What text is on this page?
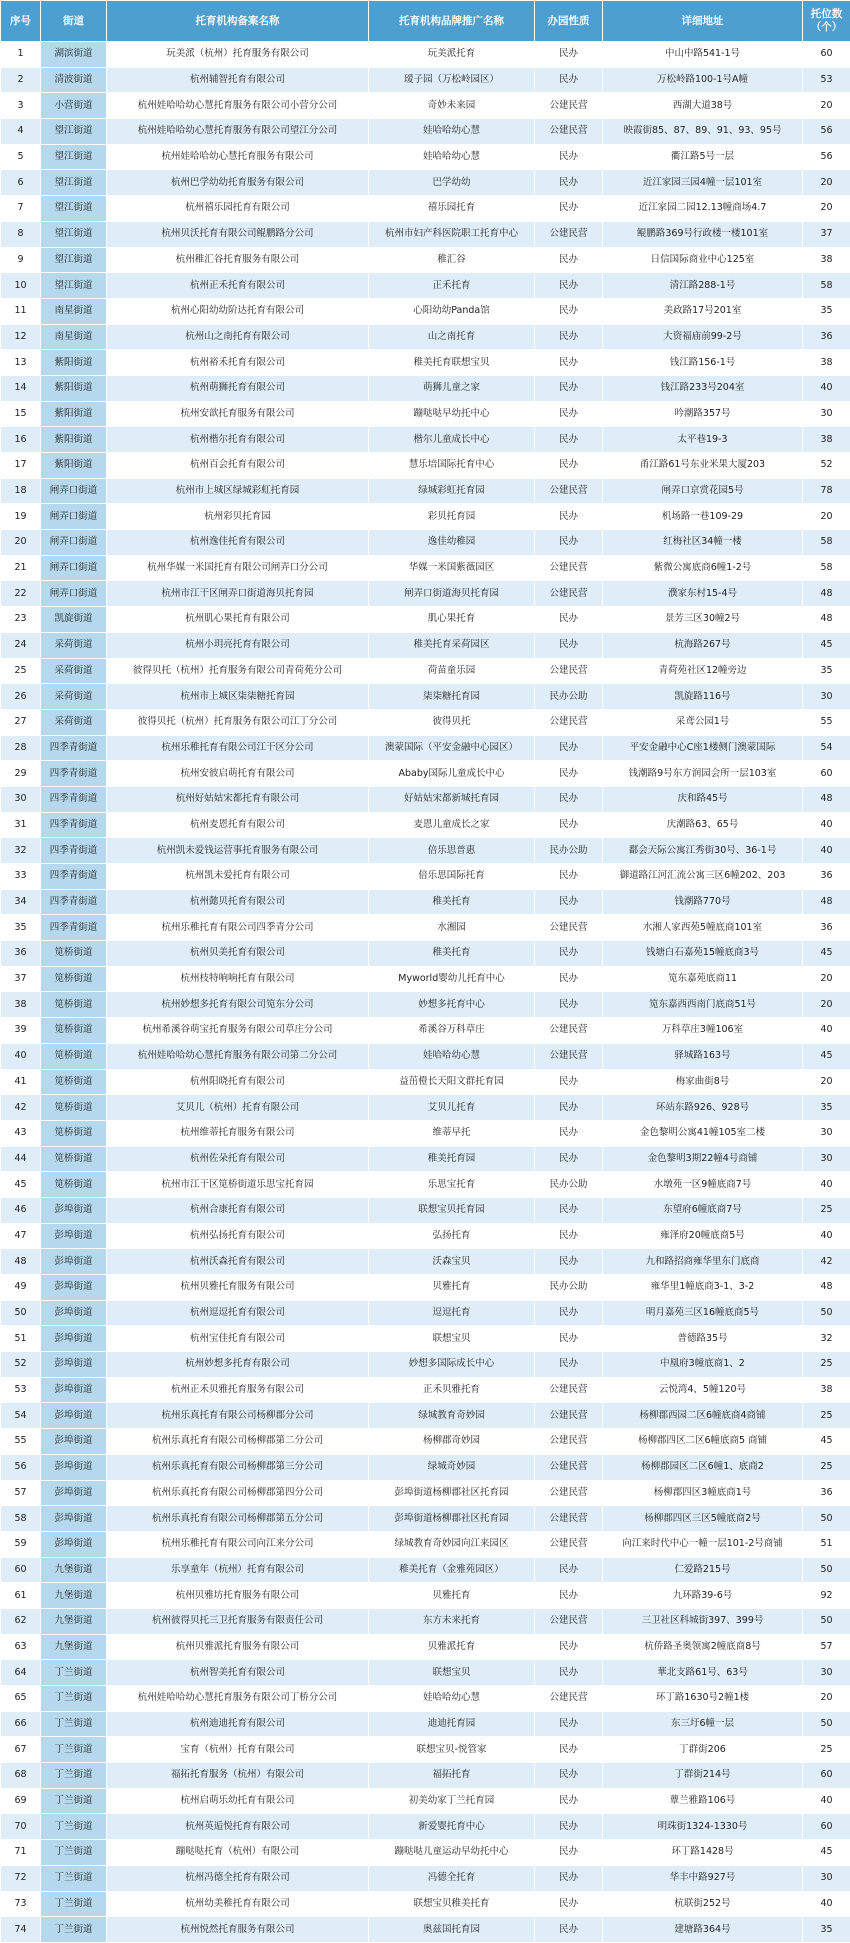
序号	街道	托育机构备案名称	托育机构品牌推广名称	办园性质	详细地址	托位数（个）
1	湖滨街道	玩美派（杭州）托育服务有限公司	玩美派托育	民办	中山中路541-1号	60
2	清波街道	杭州辅智托育有限公司	瑷子园（万松岭园区）	民办	万松岭路100-1号A幢	53
3	小营街道	杭州娃哈哈幼心慧托育服务有限公司小营分公司	奇妙未来园	公建民营	西湖大道38号	20
4	望江街道	杭州娃哈哈幼心慧托育服务有限公司望江分公司	娃哈哈幼心慧	公建民营	映霞街85、87、89、91、93、95号	56
5	望江街道	杭州娃哈哈幼心慧托育服务有限公司	娃哈哈幼心慧	民办	衢江路5号一层	56
6	望江街道	杭州巴学幼幼托育服务有限公司	巴学幼幼	民办	近江家园三园4幢一层101室	20
7	望江街道	杭州禧乐园托育有限公司	禧乐园托育	民办	近江家园二园12.13幢商场4.7	20
8	望江街道	杭州贝沃托育有限公司鲲鹏路分公司	杭州市妇产科医院职工托育中心	公建民营	鲲鹏路369号行政楼一楼101室	37
9	望江街道	杭州稚汇谷托育服务有限公司	稚汇谷	民办	日信国际商业中心125室	38
10	望江街道	杭州正禾托育有限公司	正禾托育	民办	清江路288-1号	58
11	南星街道	杭州心阳幼幼阶达托育有限公司	心阳幼幼Panda馆	民办	美政路17号201室	35
12	南星街道	杭州山之南托育有限公司	山之南托育	民办	大资福庙前99-2号	36
13	紫阳街道	杭州裕禾托育有限公司	稚美托育联想宝贝	民办	钱江路156-1号	38
14	紫阳街道	杭州萌狮托育有限公司	萌狮儿童之家	民办	钱江路233号204室	40
15	紫阳街道	杭州安歆托育服务有限公司	蹦哒哒早幼托中心	民办	吟潮路357号	30
16	紫阳街道	杭州楷尔托育有限公司	楷尔儿童成长中心	民办	太平巷19-3	38
17	紫阳街道	杭州百会托育有限公司	慧乐培国际托育中心	民办	甬江路61号东业米果大厦203	52
18	闸弄口街道	杭州市上城区绿城彩虹托育园	绿城彩虹托育园	公建民营	闸弄口京赏花园5号	78
19	闸弄口街道	杭州彩贝托育园	彩贝托育园	民办	机场路一巷109-29	20
20	闸弄口街道	杭州逸佳托育有限公司	逸佳幼稚园	民办	红梅社区34幢一楼	58
21	闸弄口街道	杭州华媒一米国托育有限公司闸弄口分公司	华媒一米国紫薇园区	公建民营	紫微公寓底商6幢1-2号	58
22	闸弄口街道	杭州市江干区闸弄口街道海贝托育园	闸弄口街道海贝托育园	公建民营	濮家东村15-4号	48
23	凯旋街道	杭州肌心果托育有限公司	肌心果托育	民办	景芳三区30幢2号	48
24	采荷街道	杭州小玥亮托育有限公司	稚美托育采荷园区	民办	杭海路267号	45
25	采荷街道	彼得贝托（杭州）托育服务有限公司青荷苑分公司	荷苗童乐园	公建民营	青荷苑社区12幢旁边	35
26	采荷街道	杭州市上城区柒柒糖托育园	柒柒糖托育园	民办公助	凯旋路116号	30
27	采荷街道	彼得贝托（杭州）托育服务有限公司江丁分公司	彼得贝托	公建民营	采鸢公园1号	55
28	四季青街道	杭州乐稚托育有限公司江干区分公司	澳蒙国际（平安金融中心园区）	民办	平安金融中心C座1楼侧门澳蒙国际	54
29	四季青街道	杭州安彼启萌托育有限公司	Ababy国际儿童成长中心	民办	钱潮路9号东方润园会所一层103室	60
30	四季青街道	杭州好姑姑宋都托育有限公司	好姑姑宋都新城托育园	民办	庆和路45号	48
31	四季青街道	杭州麦恩托育有限公司	麦恩儿童成长之家	民办	庆潮路63、65号	40
32	四季青街道	杭州凯未爱钱运营事托育服务有限公司	倍乐思普惠	民办公助	鄱会天际公寓江秀街30号、36-1号	40
33	四季青街道	杭州凯未爱托育有限公司	倍乐思国际托育	民办	御道路江河汇流公寓三区6幢202、203	36
34	四季青街道	杭州懿贝托育有限公司	稚美托育	民办	钱潮路770号	48
35	四季青街道	杭州乐稚托育有限公司四季青分公司	水湘园	公建民营	水湘人家西苑5幢底商101室	36
36	笕桥街道	杭州贝美托育有限公司	稚美托育	民办	钱塘白石嘉苑15幢底商3号	45
37	笕桥街道	杭州枝特响响托育有限公司	Myworld婴幼儿托育中心	民办	笕东嘉苑底商11	20
38	笕桥街道	杭州妙想多托育有限公司笕东分公司	妙想多托育中心	民办	笕东嘉西西南门底商51号	20
39	笕桥街道	杭州希溪谷萌宝托育服务有限公司草庄分公司	希溪谷万科草庄	公建民营	万科草庄3幢106室	40
40	笕桥街道	杭州娃哈哈幼心慧托育服务有限公司第二分公司	娃哈哈幼心慧	公建民营	驿城路163号	45
41	笕桥街道	杭州阳晓托育有限公司	益茁橙长天阳文群托育园	民办	梅家曲街8号	20
42	笕桥街道	艾贝儿（杭州）托育有限公司	艾贝儿托育	民办	环站东路926、928号	35
43	笕桥街道	杭州维蒂托育服务有限公司	维蒂早托	民办	金色黎明公寓41幢105室二楼	30
44	笕桥街道	杭州佐朵托育有限公司	稚美托育园	民办	金色黎明3期22幢4号商铺	30
45	笕桥街道	杭州市江干区笕桥街道乐思宝托育园	乐思宝托育	民办公助	水墩苑一区9幢底商7号	40
46	彭埠街道	杭州合康托育有限公司	联想宝贝托育园	民办	东望府6幢底商7号	25
47	彭埠街道	杭州弘扬托育有限公司	弘扬托育	民办	雍泽府20幢底商5号	40
48	彭埠街道	杭州沃森托育有限公司	沃森宝贝	民办	九和路招商雍华里东门底商	42
49	彭埠街道	杭州贝雅托育服务有限公司	贝雅托育	民办公助	雍华里1幢底商3-1、3-2	48
50	彭埠街道	杭州逗逗托育有限公司	逗逗托育	民办	明月嘉苑三区16幢底商5号	50
51	彭埠街道	杭州宝佳托育有限公司	联想宝贝	民办	普德路35号	32
52	彭埠街道	杭州妙想多托育有限公司	妙想多国际成长中心	民办	中凰府3幢底商1、2	25
53	彭埠街道	杭州正禾贝雅托育服务有限公司	正禾贝雅托育	公建民营	云悦湾4、5幢120号	38
54	彭埠街道	杭州乐真托育有限公司杨柳郡分公司	绿城教育奇妙园	公建民营	杨柳郡西园二区6幢底商4商铺	25
55	彭埠街道	杭州乐真托育有限公司杨柳郡第二分公司	杨柳郡奇妙园	公建民营	杨柳郡四区二区6幢底商5 商铺	45
56	彭埠街道	杭州乐真托育有限公司杨柳郡第三分公司	绿城奇妙园	公建民营	杨柳郡园区二区6幢1、底商2	25
57	彭埠街道	杭州乐真托育有限公司杨柳郡第四分公司	彭埠街道杨柳郡社区托育园	公建民营	杨柳郡四区3幢底商1号	36
58	彭埠街道	杭州乐真托育有限公司杨柳郡第五分公司	彭埠街道杨柳郡社区托育园	公建民营	杨柳郡四区三区5幢底商2号	50
59	彭埠街道	杭州乐稚托育有限公司向江来分公司	绿城教育奇妙园向江来园区	公建民营	向江来时代中心一幢一层101-2号商铺	51
60	九堡街道	乐享童年（杭州）托育有限公司	稚美托育（金雅苑园区）	民办	仁爱路215号	50
61	九堡街道	杭州贝雅坊托育服务有限公司	贝雅托育	民办	九环路39-6号	92
62	九堡街道	杭州彼得贝托三卫托育服务有限责任公司	东方未来托育	公建民营	三卫社区科城街397、399号	50
63	九堡街道	杭州贝雅派托育服务有限公司	贝雅派托育	民办	杭侨路圣奥领寓2幢底商8号	57
64	丁兰街道	杭州智美托育有限公司	联想宝贝	民办	華北支路61号、63号	30
65	丁兰街道	杭州娃哈哈幼心慧托育服务有限公司丁桥分公司	娃哈哈幼心慧	公建民营	环丁路1630号2幢1楼	20
66	丁兰街道	杭州迪迪托育有限公司	迪迪托育园	民办	东三圩6幢一层	50
67	丁兰街道	宝育（杭州）托育有限公司	联想宝贝-悦管家	民办	丁群街206	25
68	丁兰街道	福拓托育服务（杭州）有限公司	福拓托育	民办	丁群街214号	60
69	丁兰街道	杭州启萌乐幼托育有限公司	初美幼家丁兰托育园	民办	蕈兰雅路106号	40
70	丁兰街道	杭州英逅悦托育有限公司	新爱婴托育中心	民办	明珠街1324-1330号	60
71	丁兰街道	蹦哒哒托育（杭州）有限公司	蹦哒哒儿童运动早幼托中心	民办	环丁路1428号	45
72	丁兰街道	杭州冯德全托育有限公司	冯德全托育	民办	华丰中路927号	30
73	丁兰街道	杭州幼美稚托育有限公司	联想宝贝稚美托育	民办	杭联街252号	40
74	丁兰街道	杭州悦然托育服务有限公司	奥兹国托育园	民办	建塘路364号	35
